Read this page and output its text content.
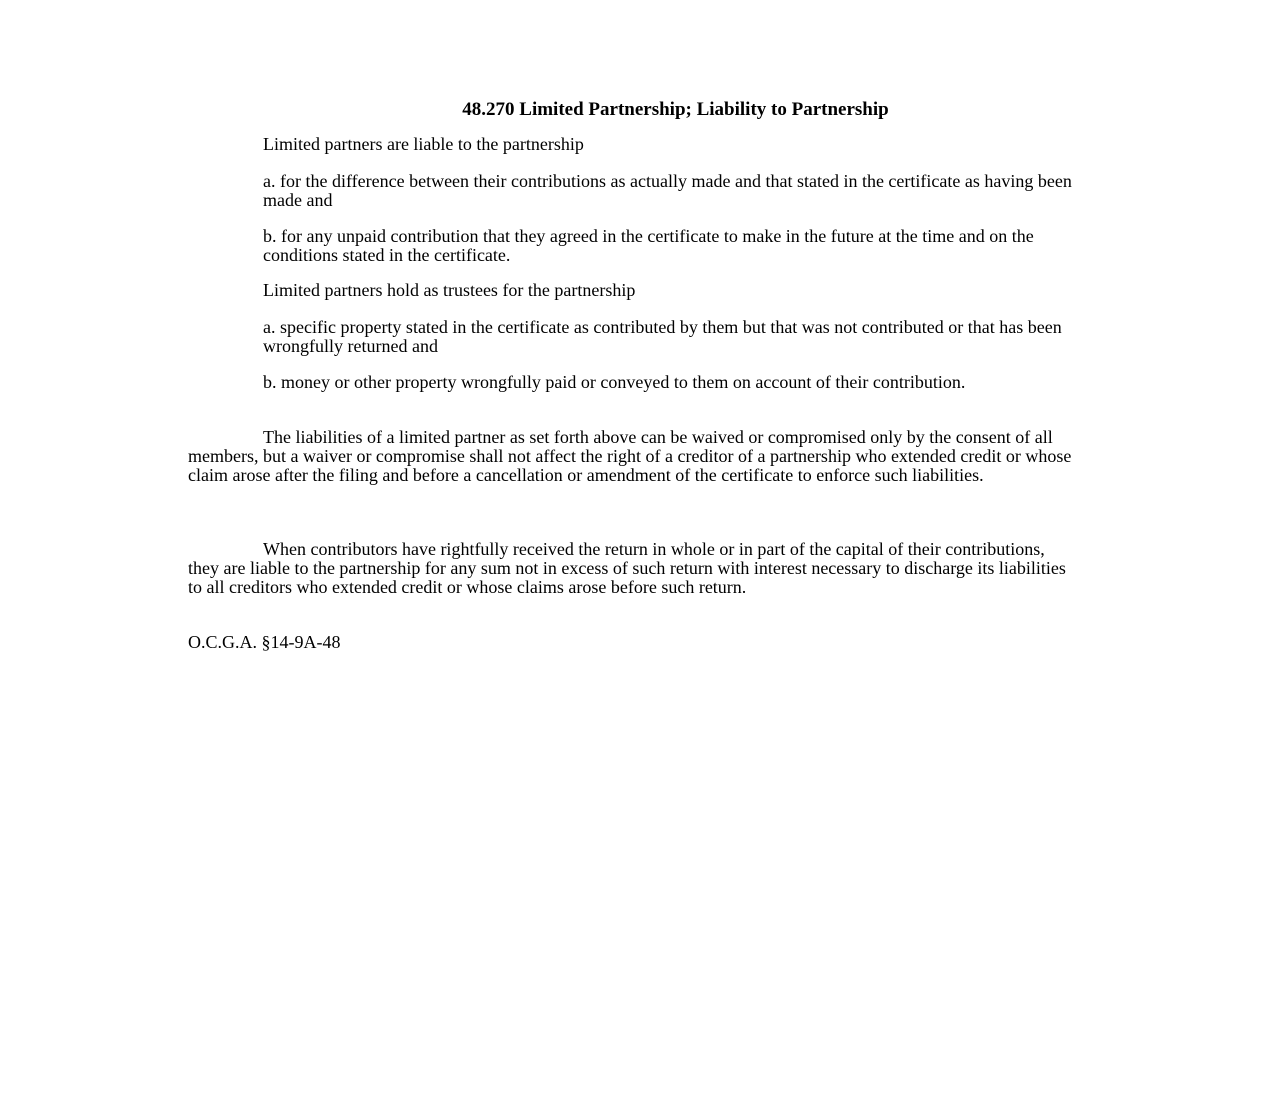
48.270 Limited Partnership; Liability to Partnership

Limited partners are liable to the partnership

a. for the difference between their contributions as actually made and that stated in the certificate as having been made and

b. for any unpaid contribution that they agreed in the certificate to make in the future at the time and on the conditions stated in the certificate.

Limited partners hold as trustees for the partnership

a. specific property stated in the certificate as contributed by them but that was not contributed or that has been wrongfully returned and

b. money or other property wrongfully paid or conveyed to them on account of their contribution.

The liabilities of a limited partner as set forth above can be waived or compromised only by the consent of all members, but a waiver or compromise shall not affect the right of a creditor of a partnership who extended credit or whose claim arose after the filing and before a cancellation or amendment of the certificate to enforce such liabilities.

When contributors have rightfully received the return in whole or in part of the capital of their contributions, they are liable to the partnership for any sum not in excess of such return with interest necessary to discharge its liabilities to all creditors who extended credit or whose claims arose before such return.

O.C.G.A. §14-9A-48
